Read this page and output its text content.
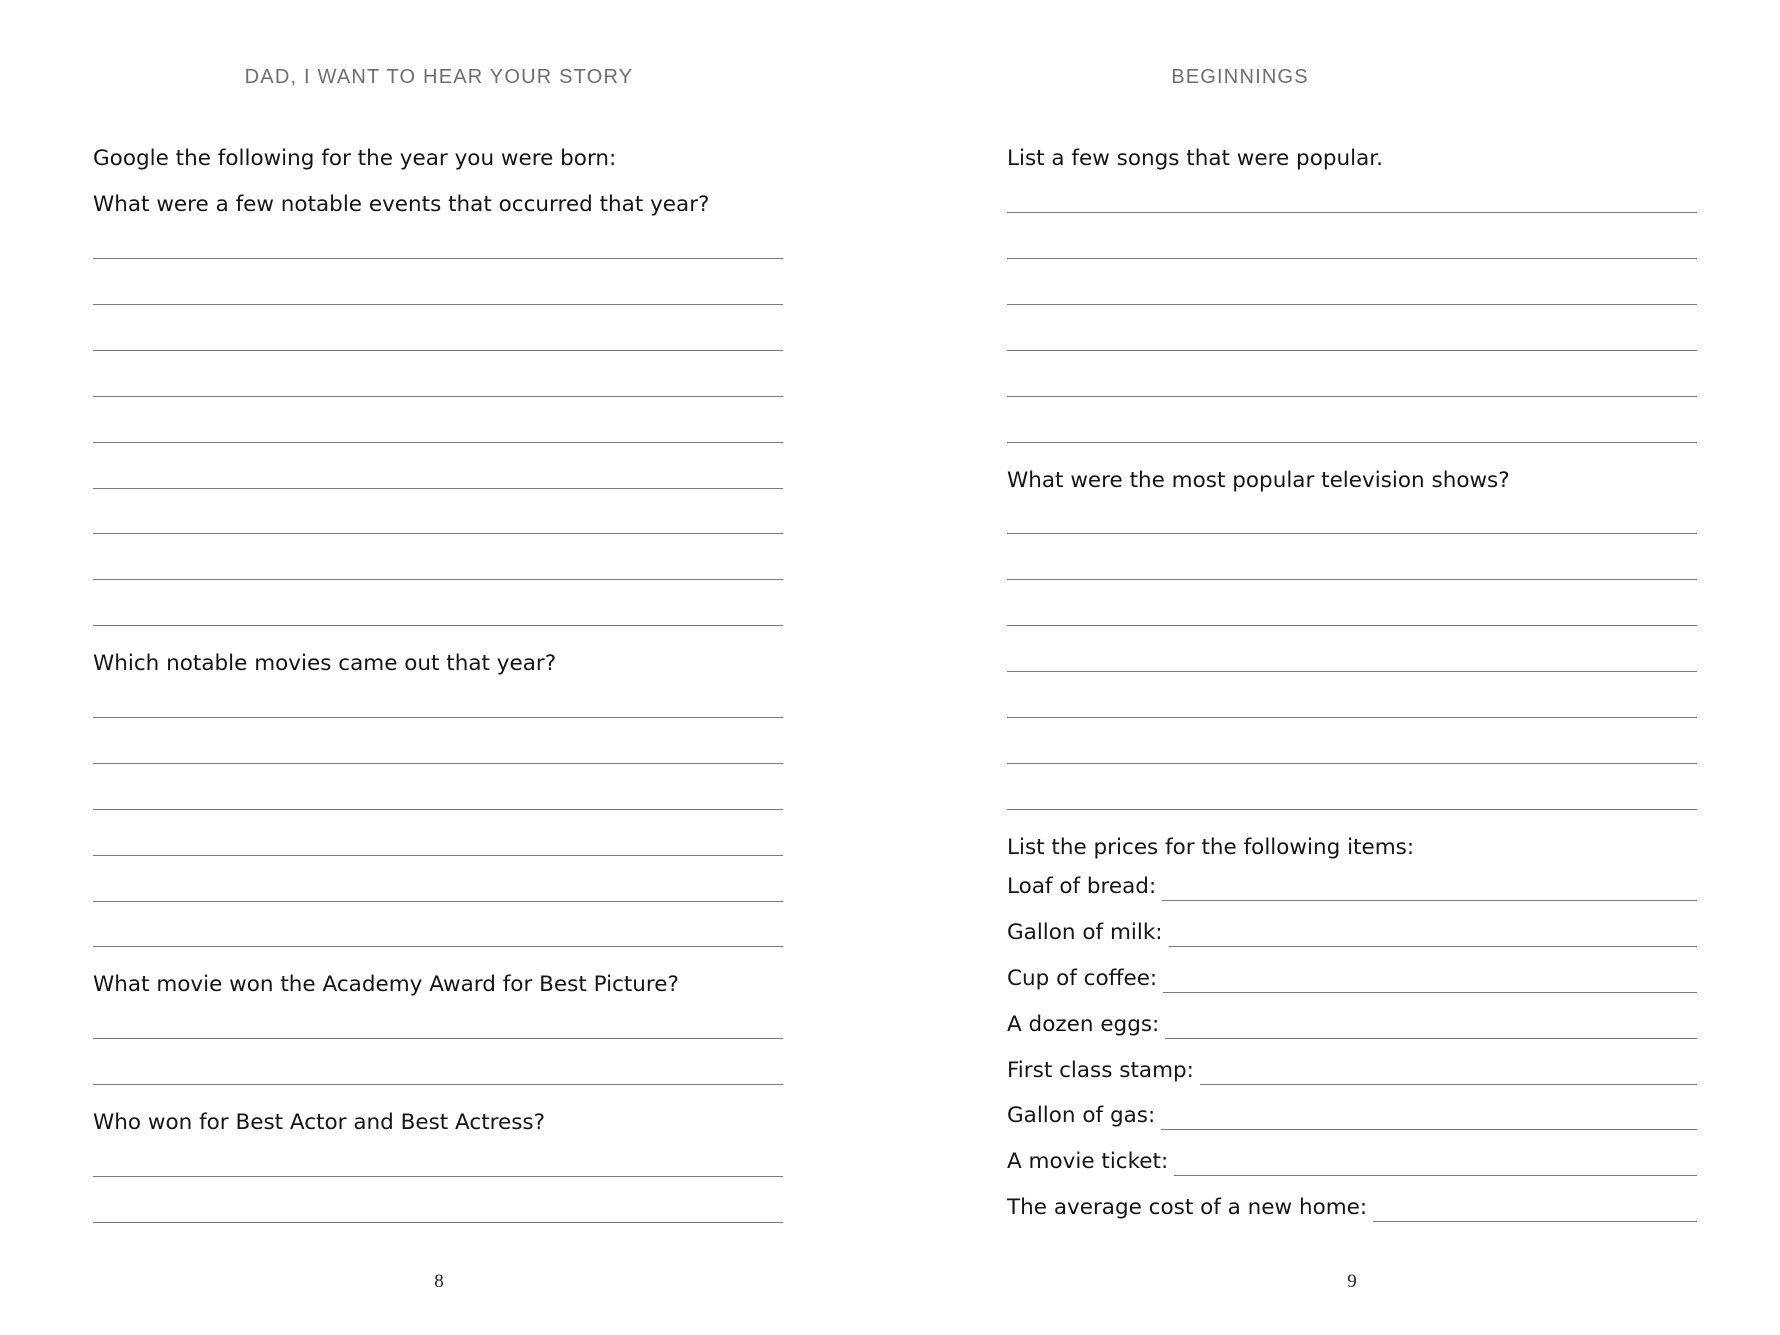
DAD, I WANT TO HEAR YOUR STORY
Google the following for the year you were born:
What were a few notable events that occurred that year?
Which notable movies came out that year?
What movie won the Academy Award for Best Picture?
Who won for Best Actor and Best Actress?
8
BEGINNINGS
List a few songs that were popular.
What were the most popular television shows?
List the prices for the following items:
Loaf of bread:
Gallon of milk:
Cup of coffee:
A dozen eggs:
First class stamp:
Gallon of gas:
A movie ticket:
The average cost of a new home:
9
